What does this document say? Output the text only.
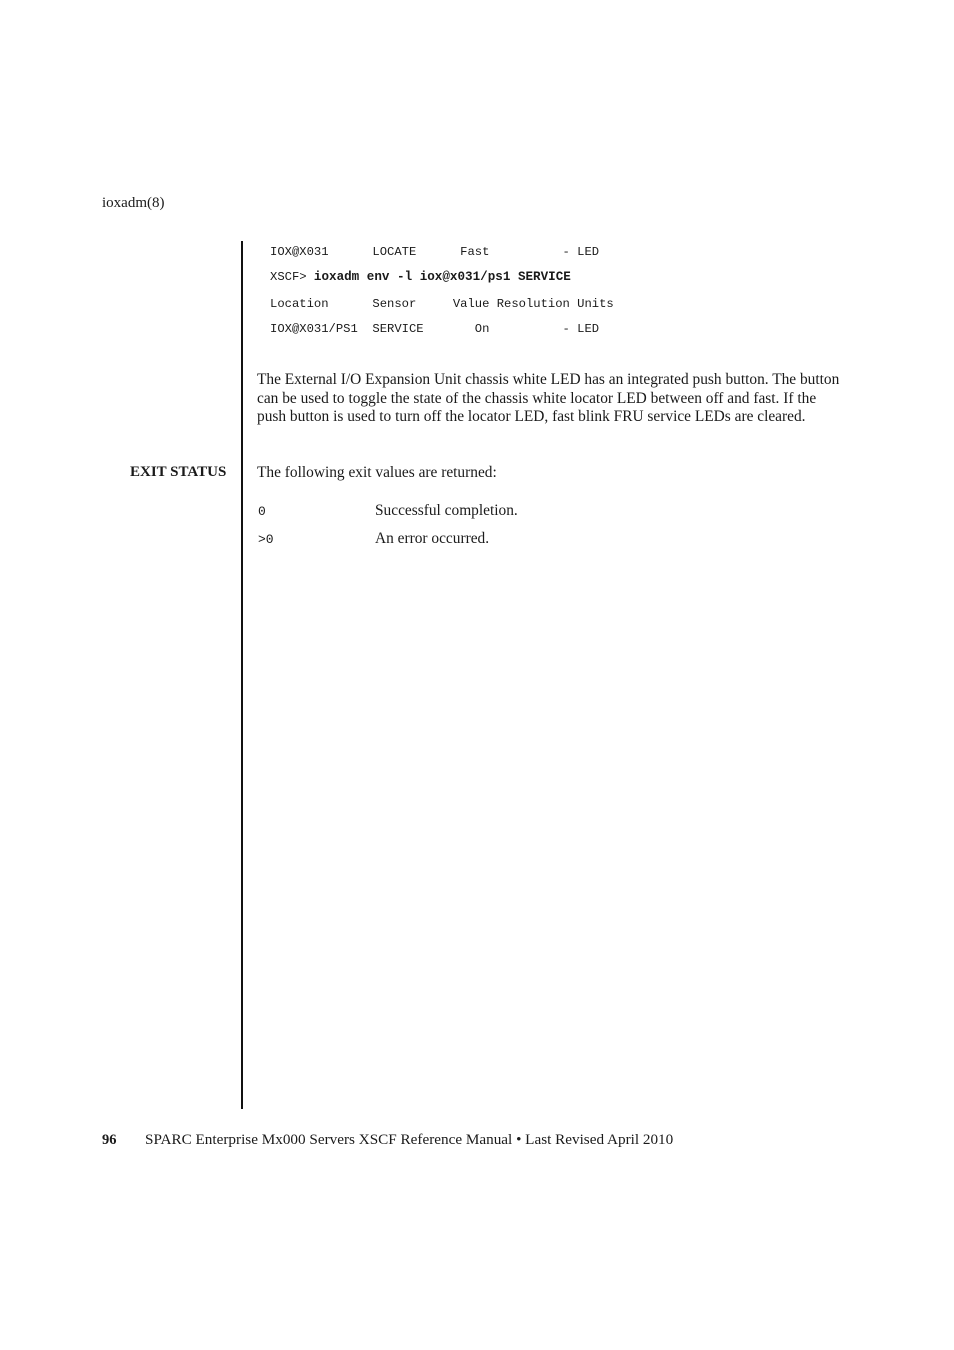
ioxadm(8)
IOX@X031      LOCATE      Fast          - LED
XSCF> ioxadm env -l iox@x031/ps1 SERVICE
Location      Sensor     Value Resolution Units
IOX@X031/PS1  SERVICE       On          - LED
The External I/O Expansion Unit chassis white LED has an integrated push button. The button can be used to toggle the state of the chassis white locator LED between off and fast. If the push button is used to turn off the locator LED, fast blink FRU service LEDs are cleared.
EXIT STATUS The following exit values are returned:
0	Successful completion.
>0	An error occurred.
96 SPARC Enterprise Mx000 Servers XSCF Reference Manual • Last Revised April 2010
